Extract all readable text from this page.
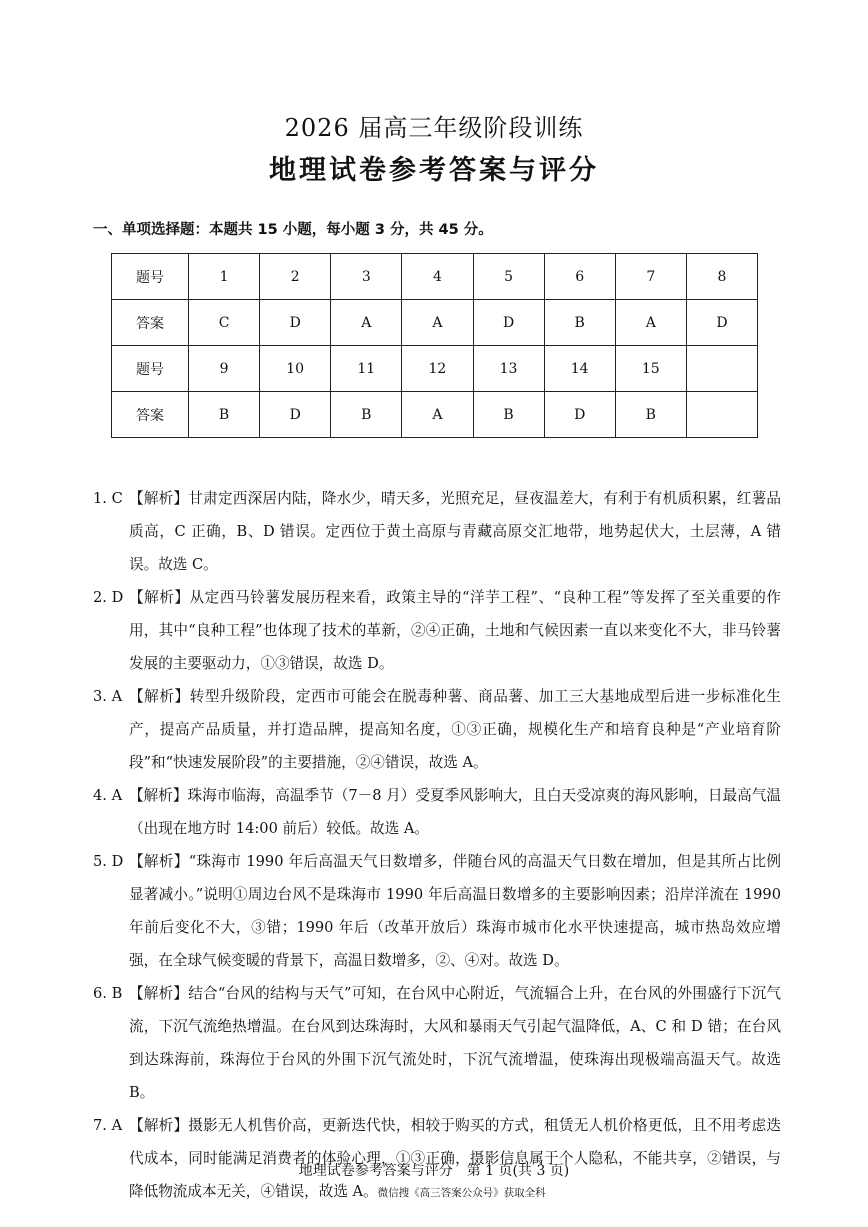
2026 届高三年级阶段训练
地理试卷参考答案与评分
一、单项选择题：本题共 15 小题，每小题 3 分，共 45 分。
题号	1	2	3	4	5	6	7	8
答案	C	D	A	A	D	B	A	D
题号	9	10	11	12	13	14	15	
答案	B	D	B	A	B	D	B	
1. C 【解析】甘肃定西深居内陆，降水少，晴天多，光照充足，昼夜温差大，有利于有机质积累，红薯品质高，C 正确，B、D 错误。定西位于黄土高原与青藏高原交汇地带，地势起伏大，土层薄，A 错误。故选 C。
2. D 【解析】从定西马铃薯发展历程来看，政策主导的“洋芋工程”、“良种工程”等发挥了至关重要的作用，其中“良种工程”也体现了技术的革新，②④正确，土地和气候因素一直以来变化不大，非马铃薯发展的主要驱动力，①③错误，故选 D。
3. A 【解析】转型升级阶段，定西市可能会在脱毒种薯、商品薯、加工三大基地成型后进一步标准化生产，提高产品质量，并打造品牌，提高知名度，①③正确，规模化生产和培育良种是“产业培育阶段”和“快速发展阶段”的主要措施，②④错误，故选 A。
4. A 【解析】珠海市临海，高温季节（7－8 月）受夏季风影响大，且白天受凉爽的海风影响，日最高气温（出现在地方时 14:00 前后）较低。故选 A。
5. D 【解析】“珠海市 1990 年后高温天气日数增多，伴随台风的高温天气日数在增加，但是其所占比例显著减小。”说明①周边台风不是珠海市 1990 年后高温日数增多的主要影响因素；沿岸洋流在 1990 年前后变化不大，③错；1990 年后（改革开放后）珠海市城市化水平快速提高，城市热岛效应增强，在全球气候变暖的背景下，高温日数增多，②、④对。故选 D。
6. B 【解析】结合“台风的结构与天气”可知，在台风中心附近，气流辐合上升，在台风的外围盛行下沉气流，下沉气流绝热增温。在台风到达珠海时，大风和暴雨天气引起气温降低，A、C 和 D 错；在台风到达珠海前，珠海位于台风的外围下沉气流处时，下沉气流增温，使珠海出现极端高温天气。故选 B。
7. A 【解析】摄影无人机售价高，更新迭代快，相较于购买的方式，租赁无人机价格更低，且不用考虑迭代成本，同时能满足消费者的体验心理，①③正确，摄影信息属于个人隐私，不能共享，②错误，与降低物流成本无关，④错误，故选 A。微信搜《高三答案公众号》获取全科
地理试卷参考答案与评分　第 1 页(共 3 页)
